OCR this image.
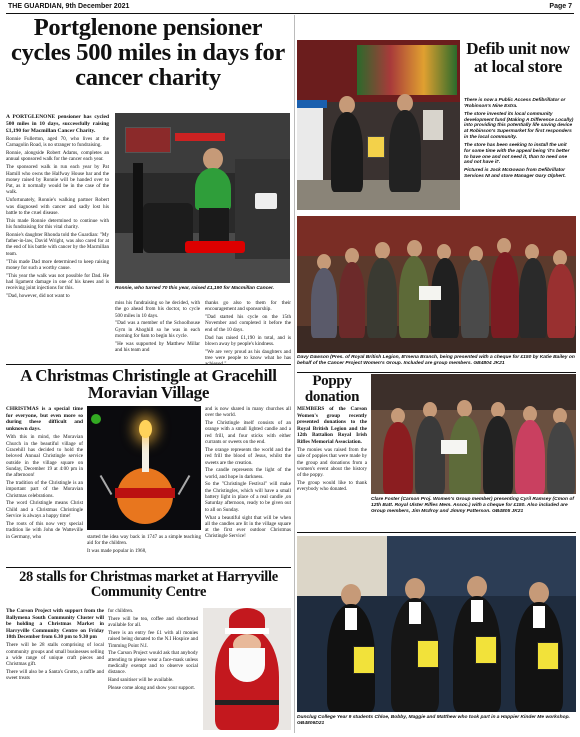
THE GUARDIAN, 9th December 2021	Page 7
Portglenone pensioner cycles 500 miles in days for cancer charity

A PORTGLENONE pensioner has cycled 500 miles in 10 days, successfully raising £1,190 for Macmillan Cancer Charity.

Ronnie Fullerton, aged 70, who lives at the Carnagolin Road, is no stranger to fundraising.

Ronnie, alongside Robert Adams, completes an annual sponsored walk for the cancer each year.

The sponsored walk in run each year by Pat Hamill who owns the Halfway House bar and the money raised by Ronnie will be handed over to Pat, as it normally would be in the case of the walk.

Unfortunately, Ronnie's walking partner Robert was diagnosed with cancer and sadly lost his battle to the cruel disease.

This made Ronnie determined to continue with his fundraising for this vital charity.

Ronnie's daughter Rhonda told the Guardian: "My father-in-law, David Wright, was also cared for at the end of his battle with cancer by the Macmillan team.

"This made Dad more determined to keep raising money for such a worthy cause.

"This year the walk was not possible for Dad. He had ligament damage in one of his knees and is receiving joint injections for this.

"Dad, however, did not want to

Ronnie, who turned 70 this year, raised £1,190 for Macmillan Cancer.

miss his fundraising so he decided, with the go ahead from his doctor, to cycle 500 miles in 10 days.

"Dad was a member of the Schoolhouse Gym in Ahoghill so he was in each morning for 6am to begin his cycle.

"He was supported by Matthew Millar and his team and

thanks go also to them for their encouragement and sponsorship.

"Dad started his cycle on the 15th November and completed it before the end of the 10 days.

Dad has raised £1,190 in total, and is blown away by people's kindness.

"We are very proud as his daughters and tree were people to know what he has

A Christmas Christingle at Gracehill Moravian Village

CHRISTMAS is a special time for everyone, but even more so during these difficult and unknown days.

With this in mind, the Moravian Church in the beautiful village of Gracehill has decided to hold the beloved Annual Christingle service outside in the village square on Sunday, December 19 at 4:00 pm in the afternoon!

The tradition of the Christingle is an important part of the Moravian Christmas celebrations.

The word Christingle means Christ Child and a Christmas Christingle Service is always a happy time!

The roots of this now very special tradition lie with John de Watteville in Germany, who	started the idea way back in 1747 as a simple teaching aid for the children.

It was made popular in 1968,

and is now shared in many churches all over the world.

The Christingle itself consists of an orange with a small lighted candle and a red frill, and four sticks with either currants or sweets on the end.

The orange represents the world and the red frill the blood of Jesus, whilst the sweets are the creation.

The candle represents the light of the world, and hope in darkness.

So the "Christingle Festival" will make the Christingles, which will have a small battery light in place of a real candle ,on Saturday afternoon, ready to be given out to all on Sunday.

What a beautiful sight that will be when all the candles are lit in the village square at the first ever outdoor Christmas Christingle Service!

28 stalls for Christmas market at Harryville Community Centre

The Carson Project with support from the Ballymena South Community Cluster will be holding a Christmas Market in Harryville Community Centre on Friday 10th December from 6.30 pm to 9.30 pm

There will be 28 stalls comprising of local community groups and small businesses selling a wide range of unique craft pieces and Christmas gift.

There will also be a Santa's Grotto, a raffle and sweet treats

for children.

There will be tea, coffee and shortbread available for all.

There is an entry fee £1 with all monies raised being donated to the N.I Hospice and Timming Point N.I.

The Carson Project would ask that anybody attending to please wear a face-mask unless medically exempt and to observe social distance.

Hand sanitiser will be available.

Please come along and show your support.

Defib unit now at local store

There is now a Public Access Defibrillator or 'Robinson's Nine Extra.

The store invested its local community development fund (Making A Difference Locally) into providing this potentially life saving device at Robinson's Supermarket for first responders in the local community.

The store has been seeking to install the unit for some time with the appeal being 'it's better to have one and not need it, than to need one and not have it'.

Pictured is Jock McGowan from Defibrillator Services NI and store Manager Gary Olphert.

Davy Dawson (Pres. of Royal British Legion, B'mena Branch, being presented with a cheque for £150 by Katie Bailey on behalf of the Cancer Project Women's Group. Included are group members. GB4804 JK21
Poppy donation

MEMBERS of the Carson Women's group recently presented donations to the Royal British Legion and the 12th Battalion Royal Irish Rifles Memorial Association.

The monies was raised from the sale of poppies that were made by the group and donations from a women's event about the history of the poppy.

The group would like to thank everybody who donated.

Clare Foster (Carson Proj. Women's Group member) presenting Cyril Ramsey (Cmon of 12th Batt. Royal Ulster Rifles Mem. Assoc.) with a cheque for £150. Also included are Group members, Jim McIlroy and Jimmy Patterson. GB4805 JK21
Dunclug College Year 9 students Chloe, Bobby, Maggie and Matthew who took part in a Happier Kinder Me workshop. GB4806D21
